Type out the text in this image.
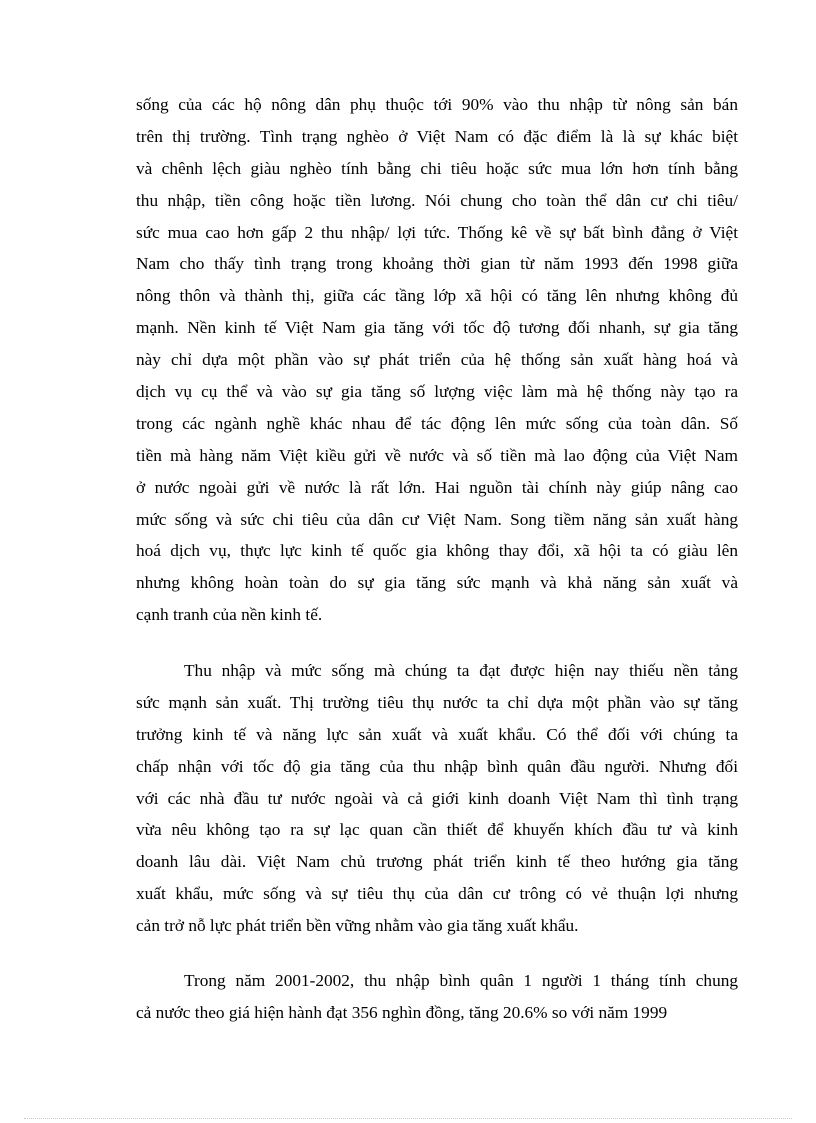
sống của các hộ nông dân phụ thuộc tới 90% vào thu nhập từ nông sản bán
trên thị trường. Tình trạng nghèo ở Việt Nam có đặc điểm là là sự khác biệt
và chênh lệch giàu nghèo tính bằng chi tiêu hoặc sức mua lớn hơn tính bằng
thu nhập, tiền công hoặc tiền lương. Nói chung cho toàn thể dân cư chi tiêu/
sức mua cao hơn gấp 2 thu nhập/ lợi tức. Thống kê về sự bất bình đẳng ở Việt
Nam cho thấy tình trạng trong khoảng thời gian từ năm 1993 đến 1998 giữa
nông thôn và thành thị, giữa các tầng lớp xã hội có tăng lên nhưng không đủ
mạnh. Nền kinh tế Việt Nam gia tăng với tốc độ tương đối nhanh, sự gia tăng
này chỉ dựa một phần vào sự phát triển của hệ thống sản xuất hàng hoá và
dịch vụ cụ thể và vào sự gia tăng số lượng việc làm mà hệ thống này tạo ra
trong các ngành nghề khác nhau để tác động lên mức sống của toàn dân. Số
tiền mà hàng năm Việt kiều gửi về nước và số tiền mà lao động của Việt Nam
ở nước ngoài gửi về nước là rất lớn. Hai nguồn tài chính này giúp nâng cao
mức sống và sức chi tiêu của dân cư Việt Nam. Song tiềm năng sản xuất hàng
hoá dịch vụ, thực lực kinh tế quốc gia không thay đổi, xã hội ta có giàu lên
nhưng không hoàn toàn do sự gia tăng sức mạnh và khả năng sản xuất và
cạnh tranh của nền kinh tế.
Thu nhập và mức sống mà chúng ta đạt được hiện nay thiếu nền tảng
sức mạnh sản xuất. Thị trường tiêu thụ nước ta chỉ dựa một phần vào sự tăng
trưởng kinh tế và năng lực sản xuất và xuất khẩu. Có thể đối với chúng ta
chấp nhận với tốc độ gia tăng của thu nhập bình quân đầu người. Nhưng đối
với các nhà đầu tư nước ngoài và cả giới kinh doanh Việt Nam thì tình trạng
vừa nêu không tạo ra sự lạc quan cần thiết để khuyến khích đầu tư và kinh
doanh lâu dài. Việt Nam chủ trương phát triển kinh tế theo hướng gia tăng
xuất khẩu, mức sống và sự tiêu thụ của dân cư trông có vẻ thuận lợi nhưng
cản trở nỗ lực phát triển bền vững nhằm vào gia tăng xuất khẩu.
Trong năm 2001-2002, thu nhập bình quân 1 người 1 tháng tính chung
cả nước theo giá hiện hành đạt 356 nghìn đồng, tăng 20.6% so với năm 1999
